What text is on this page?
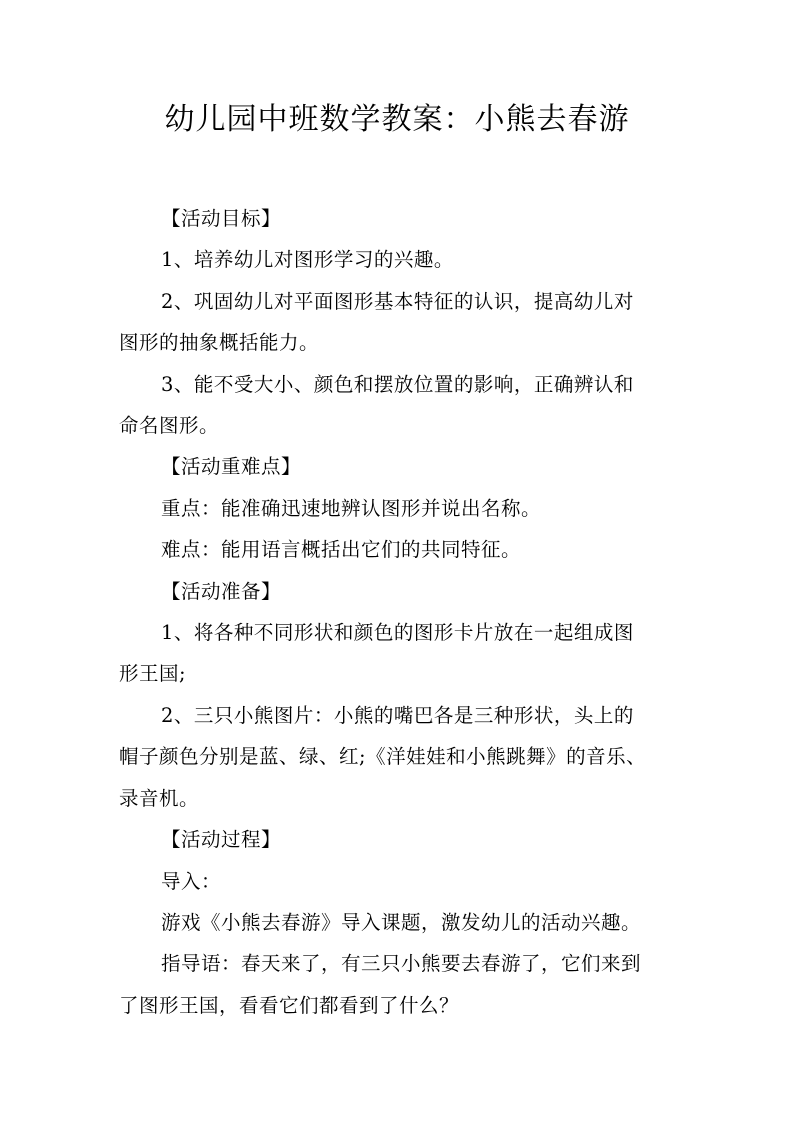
幼儿园中班数学教案：小熊去春游

【活动目标】

1、培养幼儿对图形学习的兴趣。

2、巩固幼儿对平面图形基本特征的认识，提高幼儿对

图形的抽象概括能力。

3、能不受大小、颜色和摆放位置的影响，正确辨认和

命名图形。

【活动重难点】

重点：能准确迅速地辨认图形并说出名称。

难点：能用语言概括出它们的共同特征。

【活动准备】

1、将各种不同形状和颜色的图形卡片放在一起组成图

形王国;

2、三只小熊图片：小熊的嘴巴各是三种形状，头上的

帽子颜色分别是蓝、绿、红;《洋娃娃和小熊跳舞》的音乐、

录音机。

【活动过程】

导入：

游戏《小熊去春游》导入课题，激发幼儿的活动兴趣。

指导语：春天来了，有三只小熊要去春游了，它们来到

了图形王国，看看它们都看到了什么？
